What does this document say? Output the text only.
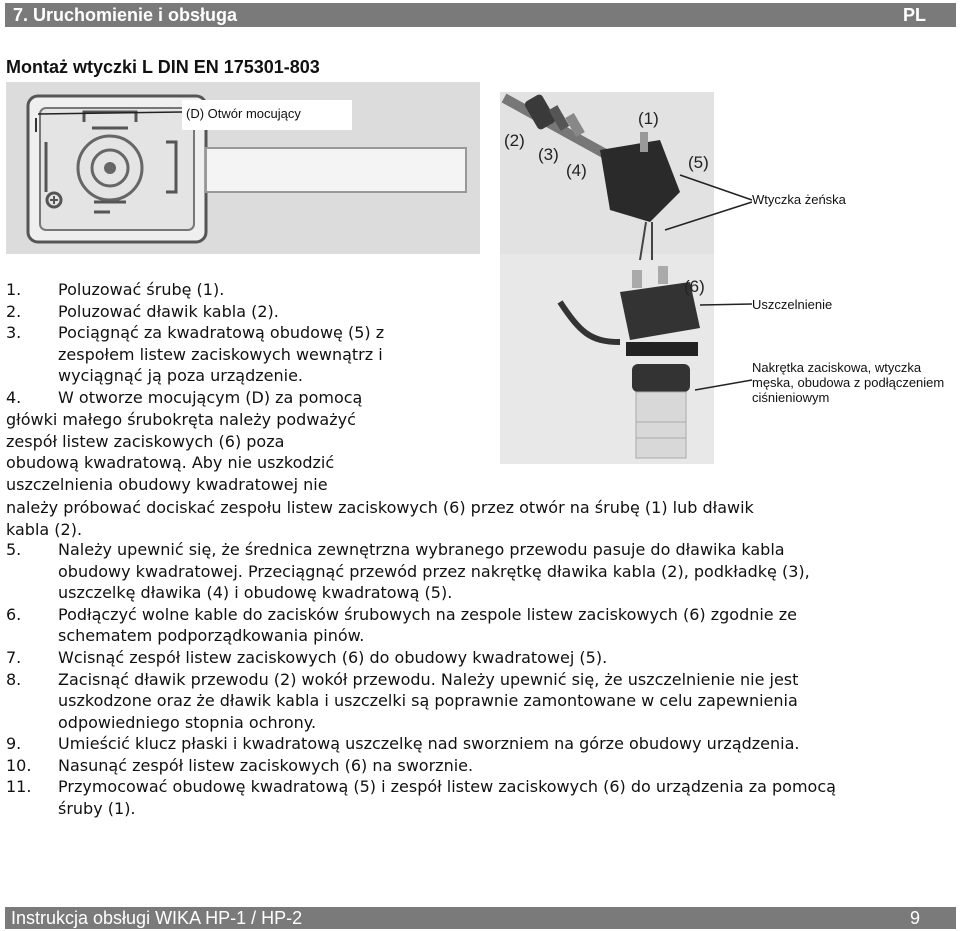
7. Uruchomienie i obsługa	PL
Montaż wtyczki L DIN EN 175301-803
(D) Otwór mocujący	(1)
(2)
(3)
(4)	(5)
(6)
Wtyczka żeńska
Uszczelnienie
Nakrętka zaciskowa, wtyczka męska, obudowa z podłączeniem ciśnieniowym
1. Poluzować śrubę (1).
2. Poluzować dławik kabla (2).
3. Pociągnąć za kwadratową obudowę (5) z
zespołem listew zaciskowych wewnątrz i
wyciągnąć ją poza urządzenie.
4. W otworze mocującym (D) za pomocą
główki małego śrubokręta należy podważyć
zespół listew zaciskowych (6) poza
obudową kwadratową. Aby nie uszkodzić
uszczelnienia obudowy kwadratowej nie
należy próbować dociskać zespołu listew zaciskowych (6) przez otwór na śrubę (1) lub dławik
kabla (2).
5. Należy upewnić się, że średnica zewnętrzna wybranego przewodu pasuje do dławika kabla
obudowy kwadratowej. Przeciągnąć przewód przez nakrętkę dławika kabla (2), podkładkę (3),
uszczelkę dławika (4) i obudowę kwadratową (5).
6. Podłączyć wolne kable do zacisków śrubowych na zespole listew zaciskowych (6) zgodnie ze
schematem podporządkowania pinów.
7. Wcisnąć zespół listew zaciskowych (6) do obudowy kwadratowej (5).
8. Zacisnąć dławik przewodu (2) wokół przewodu. Należy upewnić się, że uszczelnienie nie jest
uszkodzone oraz że dławik kabla i uszczelki są poprawnie zamontowane w celu zapewnienia
odpowiedniego stopnia ochrony.
9. Umieścić klucz płaski i kwadratową uszczelkę nad sworzniem na górze obudowy urządzenia.
10. Nasunąć zespół listew zaciskowych (6) na sworznie.
11. Przymocować obudowę kwadratową (5) i zespół listew zaciskowych (6) do urządzenia za pomocą
śruby (1).
Instrukcja obsługi WIKA HP-1 / HP-2	9
